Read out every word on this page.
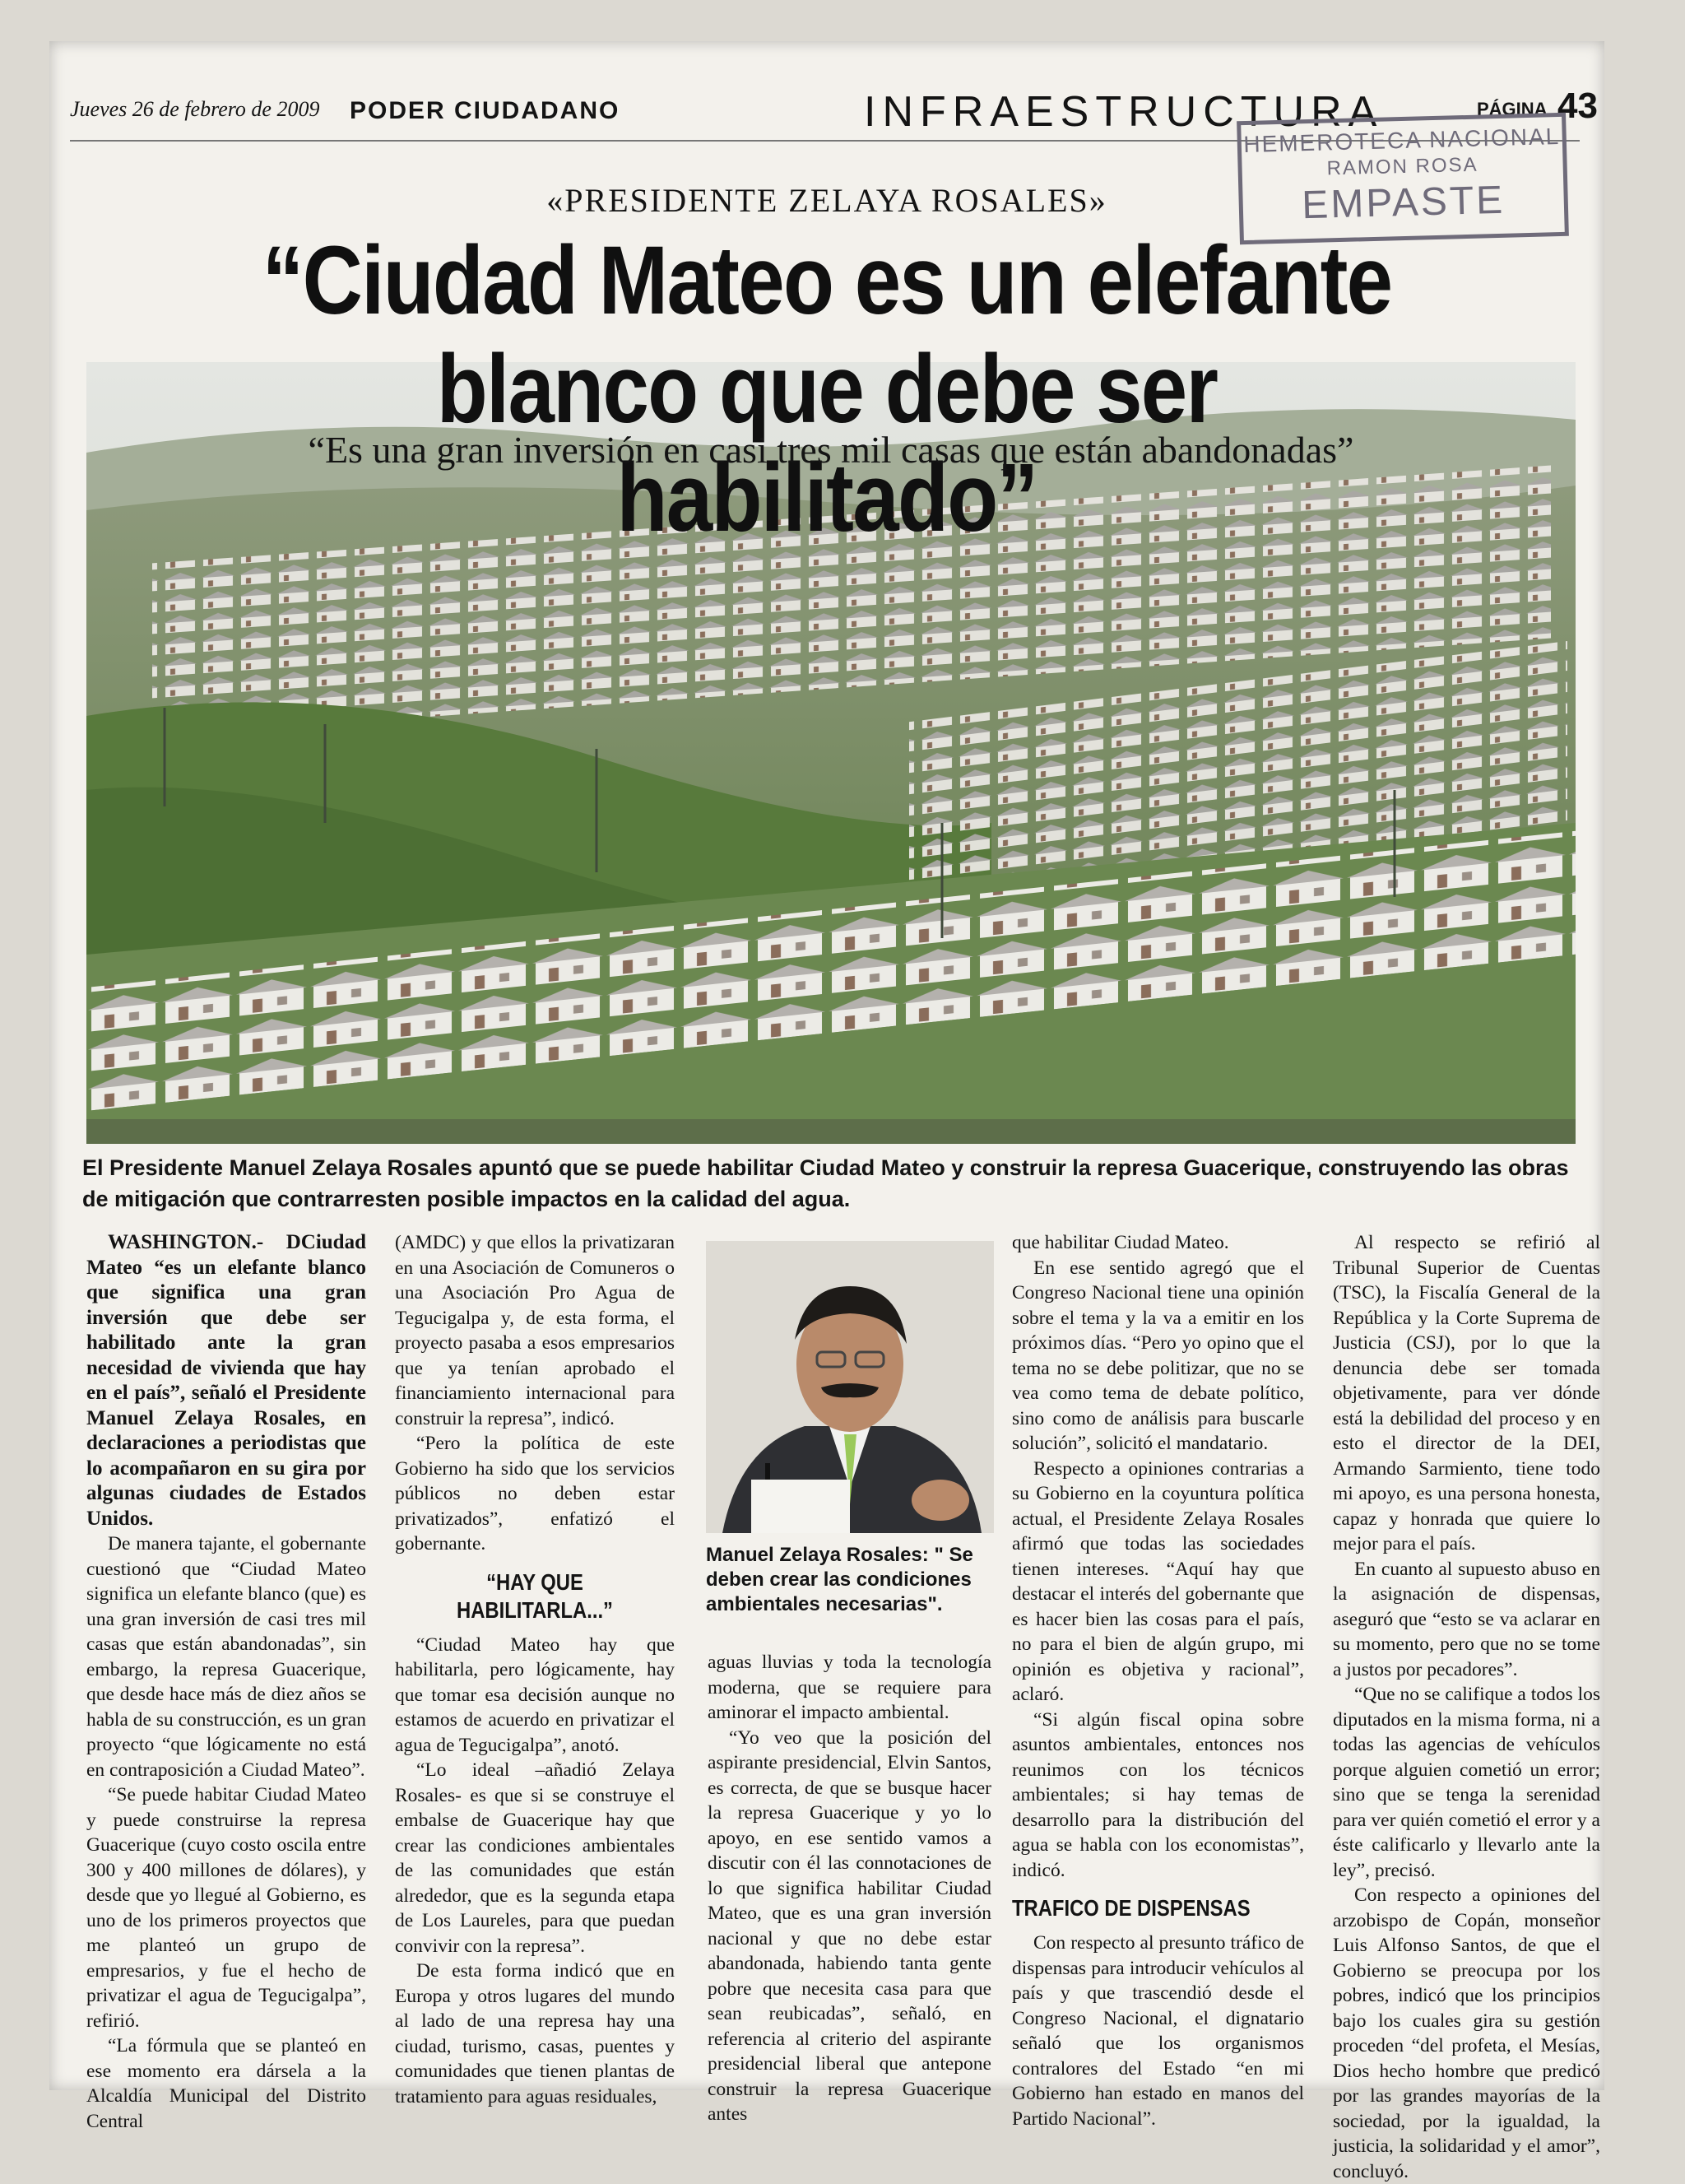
Jueves 26 de febrero de 2009 PODER CIUDADANO	INFRAESTRUCTURA	PÁGINA 43
HEMEROTECA NACIONAL
RAMON ROSA
EMPASTE
«PRESIDENTE ZELAYA ROSALES»
“Ciudad Mateo es un elefante blanco que debe ser habilitado”
“Es una gran inversión en casi tres mil casas que están abandonadas”
El Presidente Manuel Zelaya Rosales apuntó que se puede habilitar Ciudad Mateo y construir la represa Guacerique, construyendo las obras de mitigación que contrarresten posible impactos en la calidad del agua.

WASHINGTON.- DCiudad Mateo “es un elefante blanco que significa una gran inversión que debe ser habilitado ante la gran necesidad de vivienda que hay en el país”, señaló el Presidente Manuel Zelaya Rosales, en declaraciones a periodistas que lo acompañaron en su gira por algunas ciudades de Estados Unidos.

De manera tajante, el gobernante cuestionó que “Ciudad Mateo significa un elefante blanco (que) es una gran inversión de casi tres mil casas que están abandonadas”, sin embargo, la represa Guacerique, que desde hace más de diez años se habla de su construcción, es un gran proyecto “que lógicamente no está en contraposición a Ciudad Mateo”.

“Se puede habitar Ciudad Mateo y puede construirse la represa Guacerique (cuyo costo oscila entre 300 y 400 millones de dólares), y desde que yo llegué al Gobierno, es uno de los primeros proyectos que me planteó un grupo de empresarios, y fue el hecho de privatizar el agua de Tegucigalpa”, refirió.

“La fórmula que se planteó en ese momento era dársela a la Alcaldía Municipal del Distrito Central

(AMDC) y que ellos la privatizaran en una Asociación de Comuneros o una Asociación Pro Agua de Tegucigalpa y, de esta forma, el proyecto pasaba a esos empresarios que ya tenían aprobado el financiamiento internacional para construir la represa”, indicó.

“Pero la política de este Gobierno ha sido que los servicios públicos no deben estar privatizados”, enfatizó el gobernante.

“HAY QUE HABILITARLA...”

“Ciudad Mateo hay que habilitarla, pero lógicamente, hay que tomar esa decisión aunque no estamos de acuerdo en privatizar el agua de Tegucigalpa”, anotó.

“Lo ideal –añadió Zelaya Rosales- es que si se construye el embalse de Guacerique hay que crear las condiciones ambientales de las comunidades que están alrededor, que es la segunda etapa de Los Laureles, para que puedan convivir con la represa”.

De esta forma indicó que en Europa y otros lugares del mundo al lado de una represa hay una ciudad, turismo, casas, puentes y comunidades que tienen plantas de tratamiento para aguas residuales,

Manuel Zelaya Rosales: " Se deben crear las condiciones ambientales necesarias".

aguas lluvias y toda la tecnología moderna, que se requiere para aminorar el impacto ambiental.

“Yo veo que la posición del aspirante presidencial, Elvin Santos, es correcta, de que se busque hacer la represa Guacerique y yo lo apoyo, en ese sentido vamos a discutir con él las connotaciones de lo que significa habilitar Ciudad Mateo, que es una gran inversión nacional y que no debe estar abandonada, habiendo tanta gente pobre que necesita casa para que sean reubicadas”, señaló, en referencia al criterio del aspirante presidencial liberal que antepone construir la represa Guacerique antes

que habilitar Ciudad Mateo.

En ese sentido agregó que el Congreso Nacional tiene una opinión sobre el tema y la va a emitir en los próximos días. “Pero yo opino que el tema no se debe politizar, que no se vea como tema de debate político, sino como de análisis para buscarle solución”, solicitó el mandatario.

Respecto a opiniones contrarias a su Gobierno en la coyuntura política actual, el Presidente Zelaya Rosales afirmó que todas las sociedades tienen intereses. “Aquí hay que destacar el interés del gobernante que es hacer bien las cosas para el país, no para el bien de algún grupo, mi opinión es objetiva y racional”, aclaró.

“Si algún fiscal opina sobre asuntos ambientales, entonces nos reunimos con los técnicos ambientales; si hay temas de desarrollo para la distribución del agua se habla con los economistas”, indicó.

TRAFICO DE DISPENSAS

Con respecto al presunto tráfico de dispensas para introducir vehículos al país y que trascendió desde el Congreso Nacional, el dignatario señaló que los organismos contralores del Estado “en mi Gobierno han estado en manos del Partido Nacional”.

Al respecto se refirió al Tribunal Superior de Cuentas (TSC), la Fiscalía General de la República y la Corte Suprema de Justicia (CSJ), por lo que la denuncia debe ser tomada objetivamente, para ver dónde está la debilidad del proceso y en esto el director de la DEI, Armando Sarmiento, tiene todo mi apoyo, es una persona honesta, capaz y honrada que quiere lo mejor para el país.

En cuanto al supuesto abuso en la asignación de dispensas, aseguró que “esto se va aclarar en su momento, pero que no se tome a justos por pecadores”.

“Que no se califique a todos los diputados en la misma forma, ni a todas las agencias de vehículos porque alguien cometió un error; sino que se tenga la serenidad para ver quién cometió el error y a éste calificarlo y llevarlo ante la ley”, precisó.

Con respecto a opiniones del arzobispo de Copán, monseñor Luis Alfonso Santos, de que el Gobierno se preocupa por los pobres, indicó que los principios bajo los cuales gira su gestión proceden “del profeta, el Mesías, Dios hecho hombre que predicó por las grandes mayorías de la sociedad, por la igualdad, la justicia, la solidaridad y el amor”, concluyó.
